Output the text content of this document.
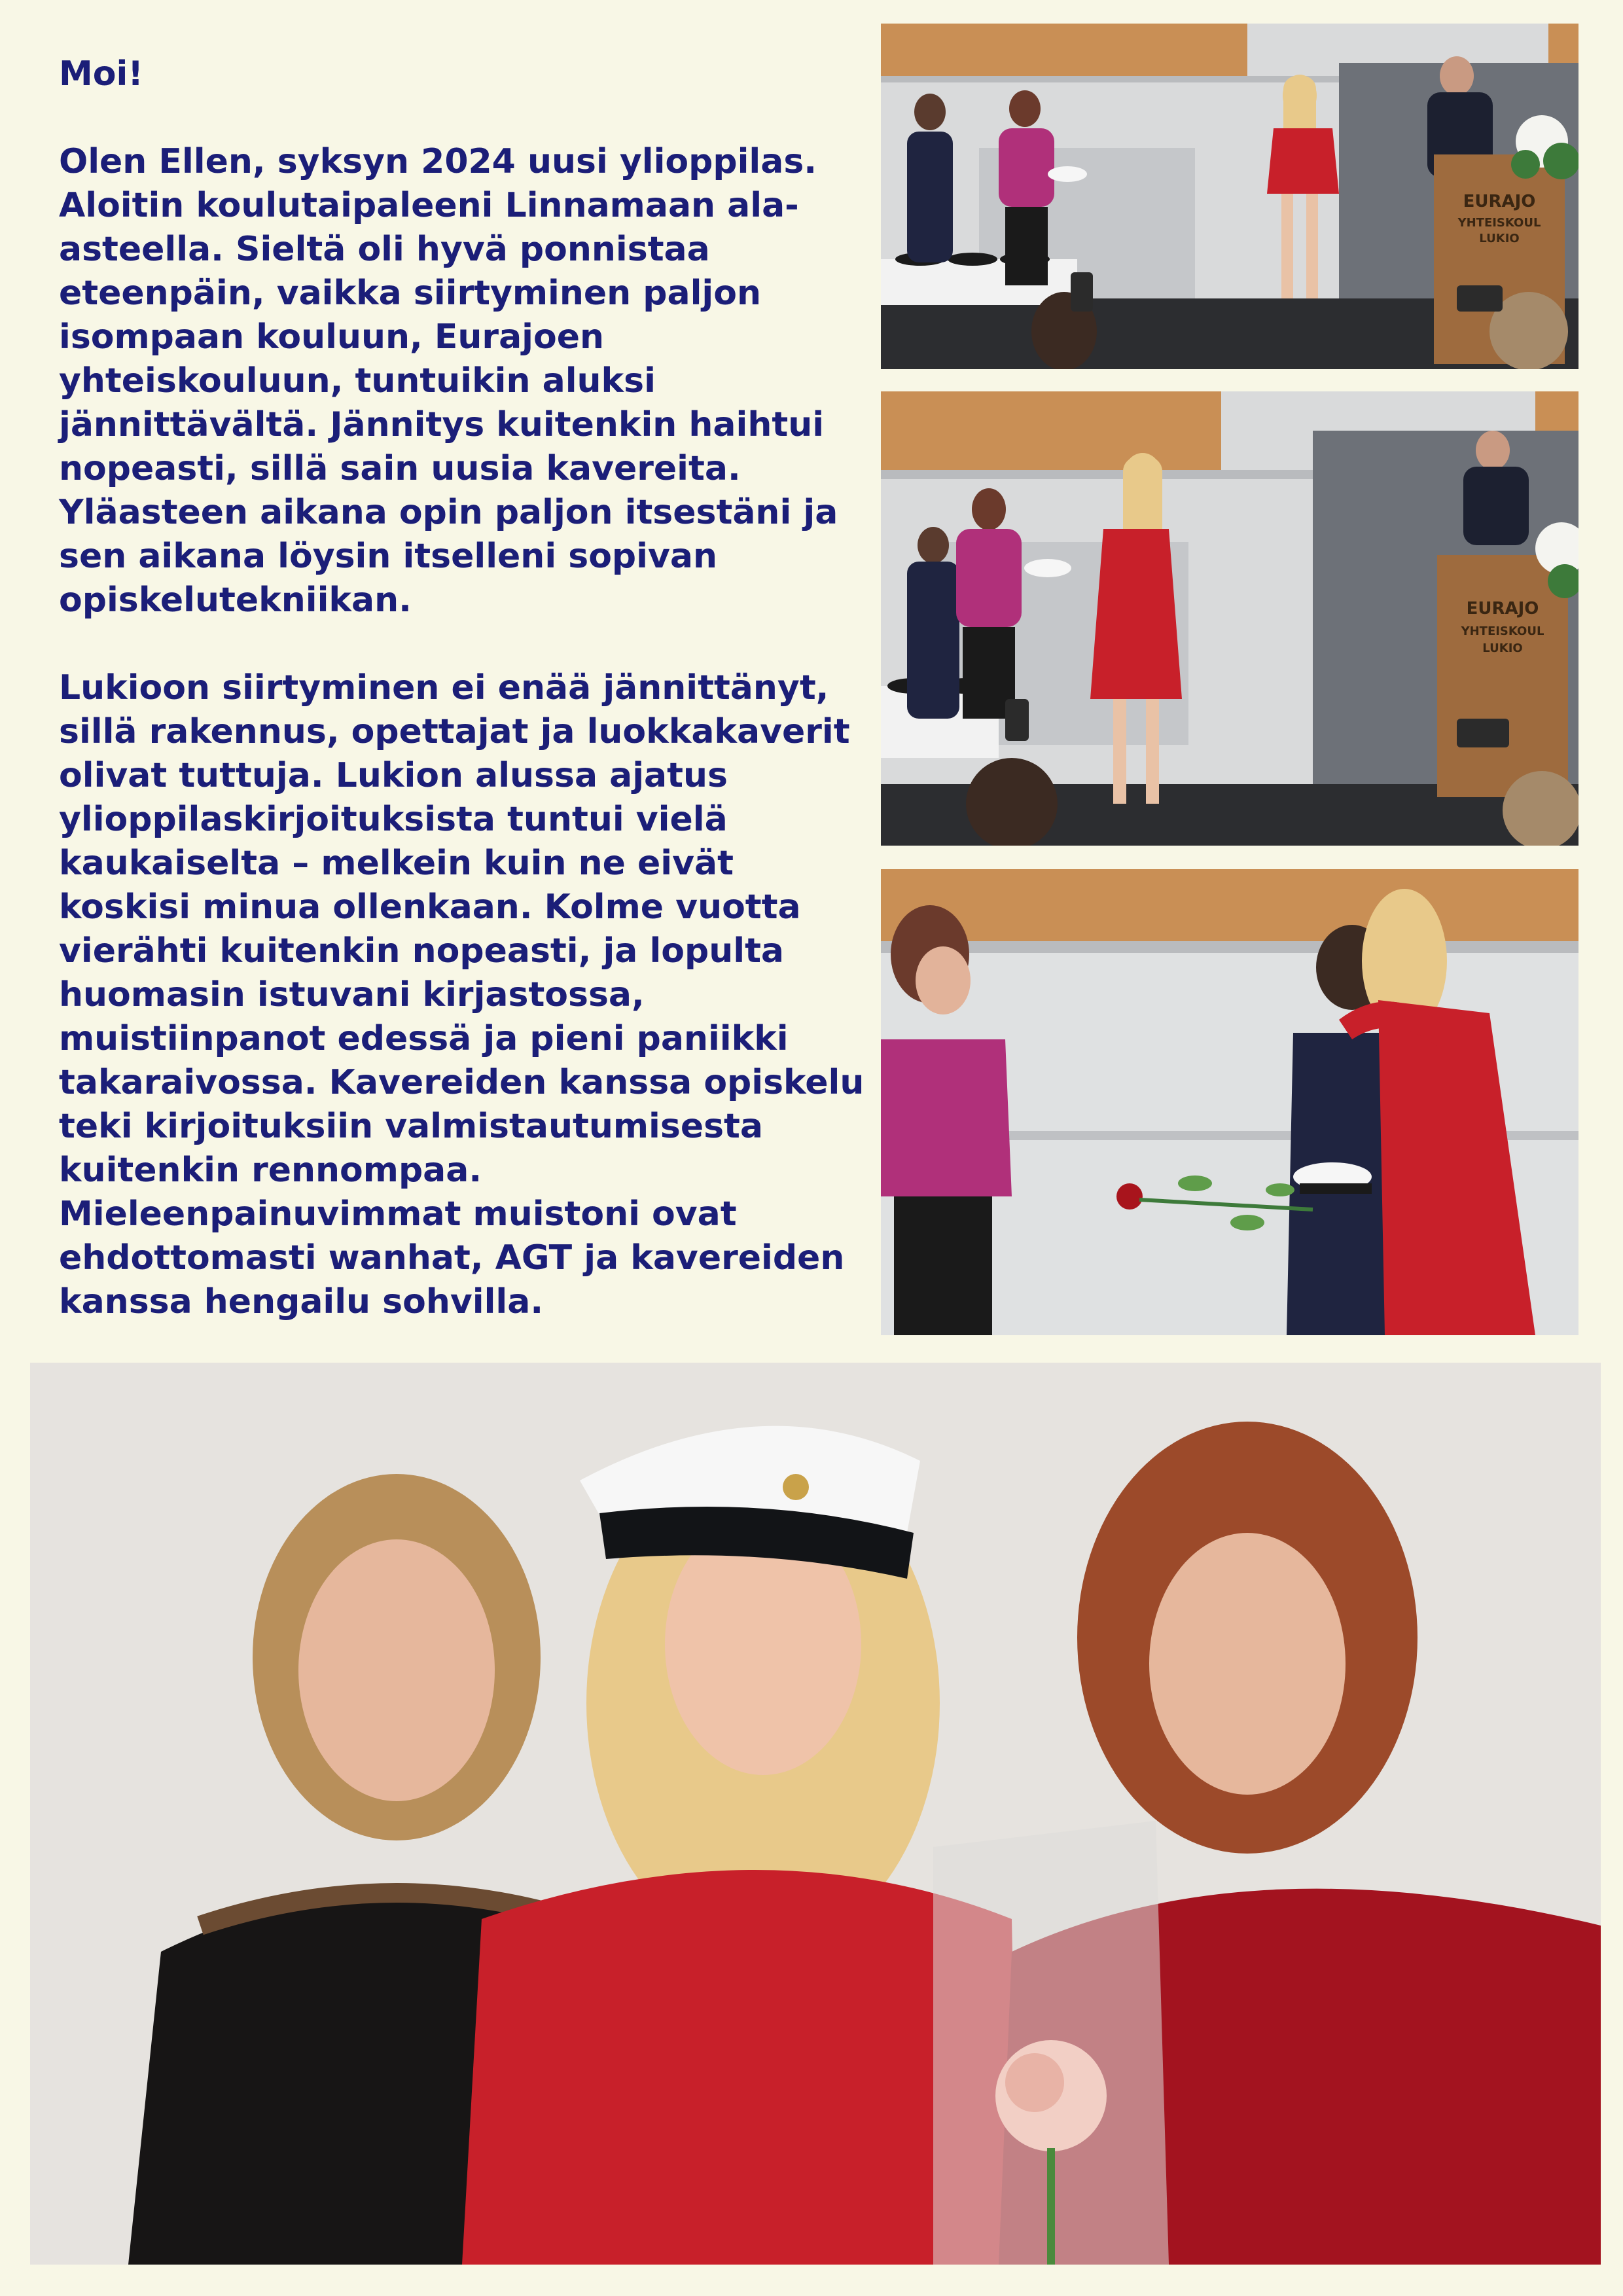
Moi!

Olen Ellen, syksyn 2024 uusi ylioppilas. Aloitin koulutaipaleeni Linnamaan ala-asteella. Sieltä oli hyvä ponnistaa eteenpäin, vaikka siirtyminen paljon isompaan kouluun, Eurajoen yhteiskouluun, tuntuikin aluksi jännittävältä. Jännitys kuitenkin haihtui nopeasti, sillä sain uusia kavereita. Yläasteen aikana opin paljon itsestäni ja sen aikana löysin itselleni sopivan opiskelutekniikan.

Lukioon siirtyminen ei enää jännittänyt, sillä rakennus, opettajat ja luokkakaverit olivat tuttuja. Lukion alussa ajatus ylioppilaskirjoituksista tuntui vielä kaukaiselta – melkein kuin ne eivät koskisi minua ollenkaan. Kolme vuotta vierähti kuitenkin nopeasti, ja lopulta huomasin istuvani kirjastossa, muistiinpanot edessä ja pieni paniikki takaraivossa. Kavereiden kanssa opiskelu teki kirjoituksiin valmistautumisesta kuitenkin rennompaa. Mieleenpainuvimmat muistoni ovat ehdottomasti wanhat, AGT ja kavereiden kanssa hengailu sohvilla.

EURAJO
YHTEISKOUL
LUKIO
EURAJO
YHTEISKOUL
LUKIO
